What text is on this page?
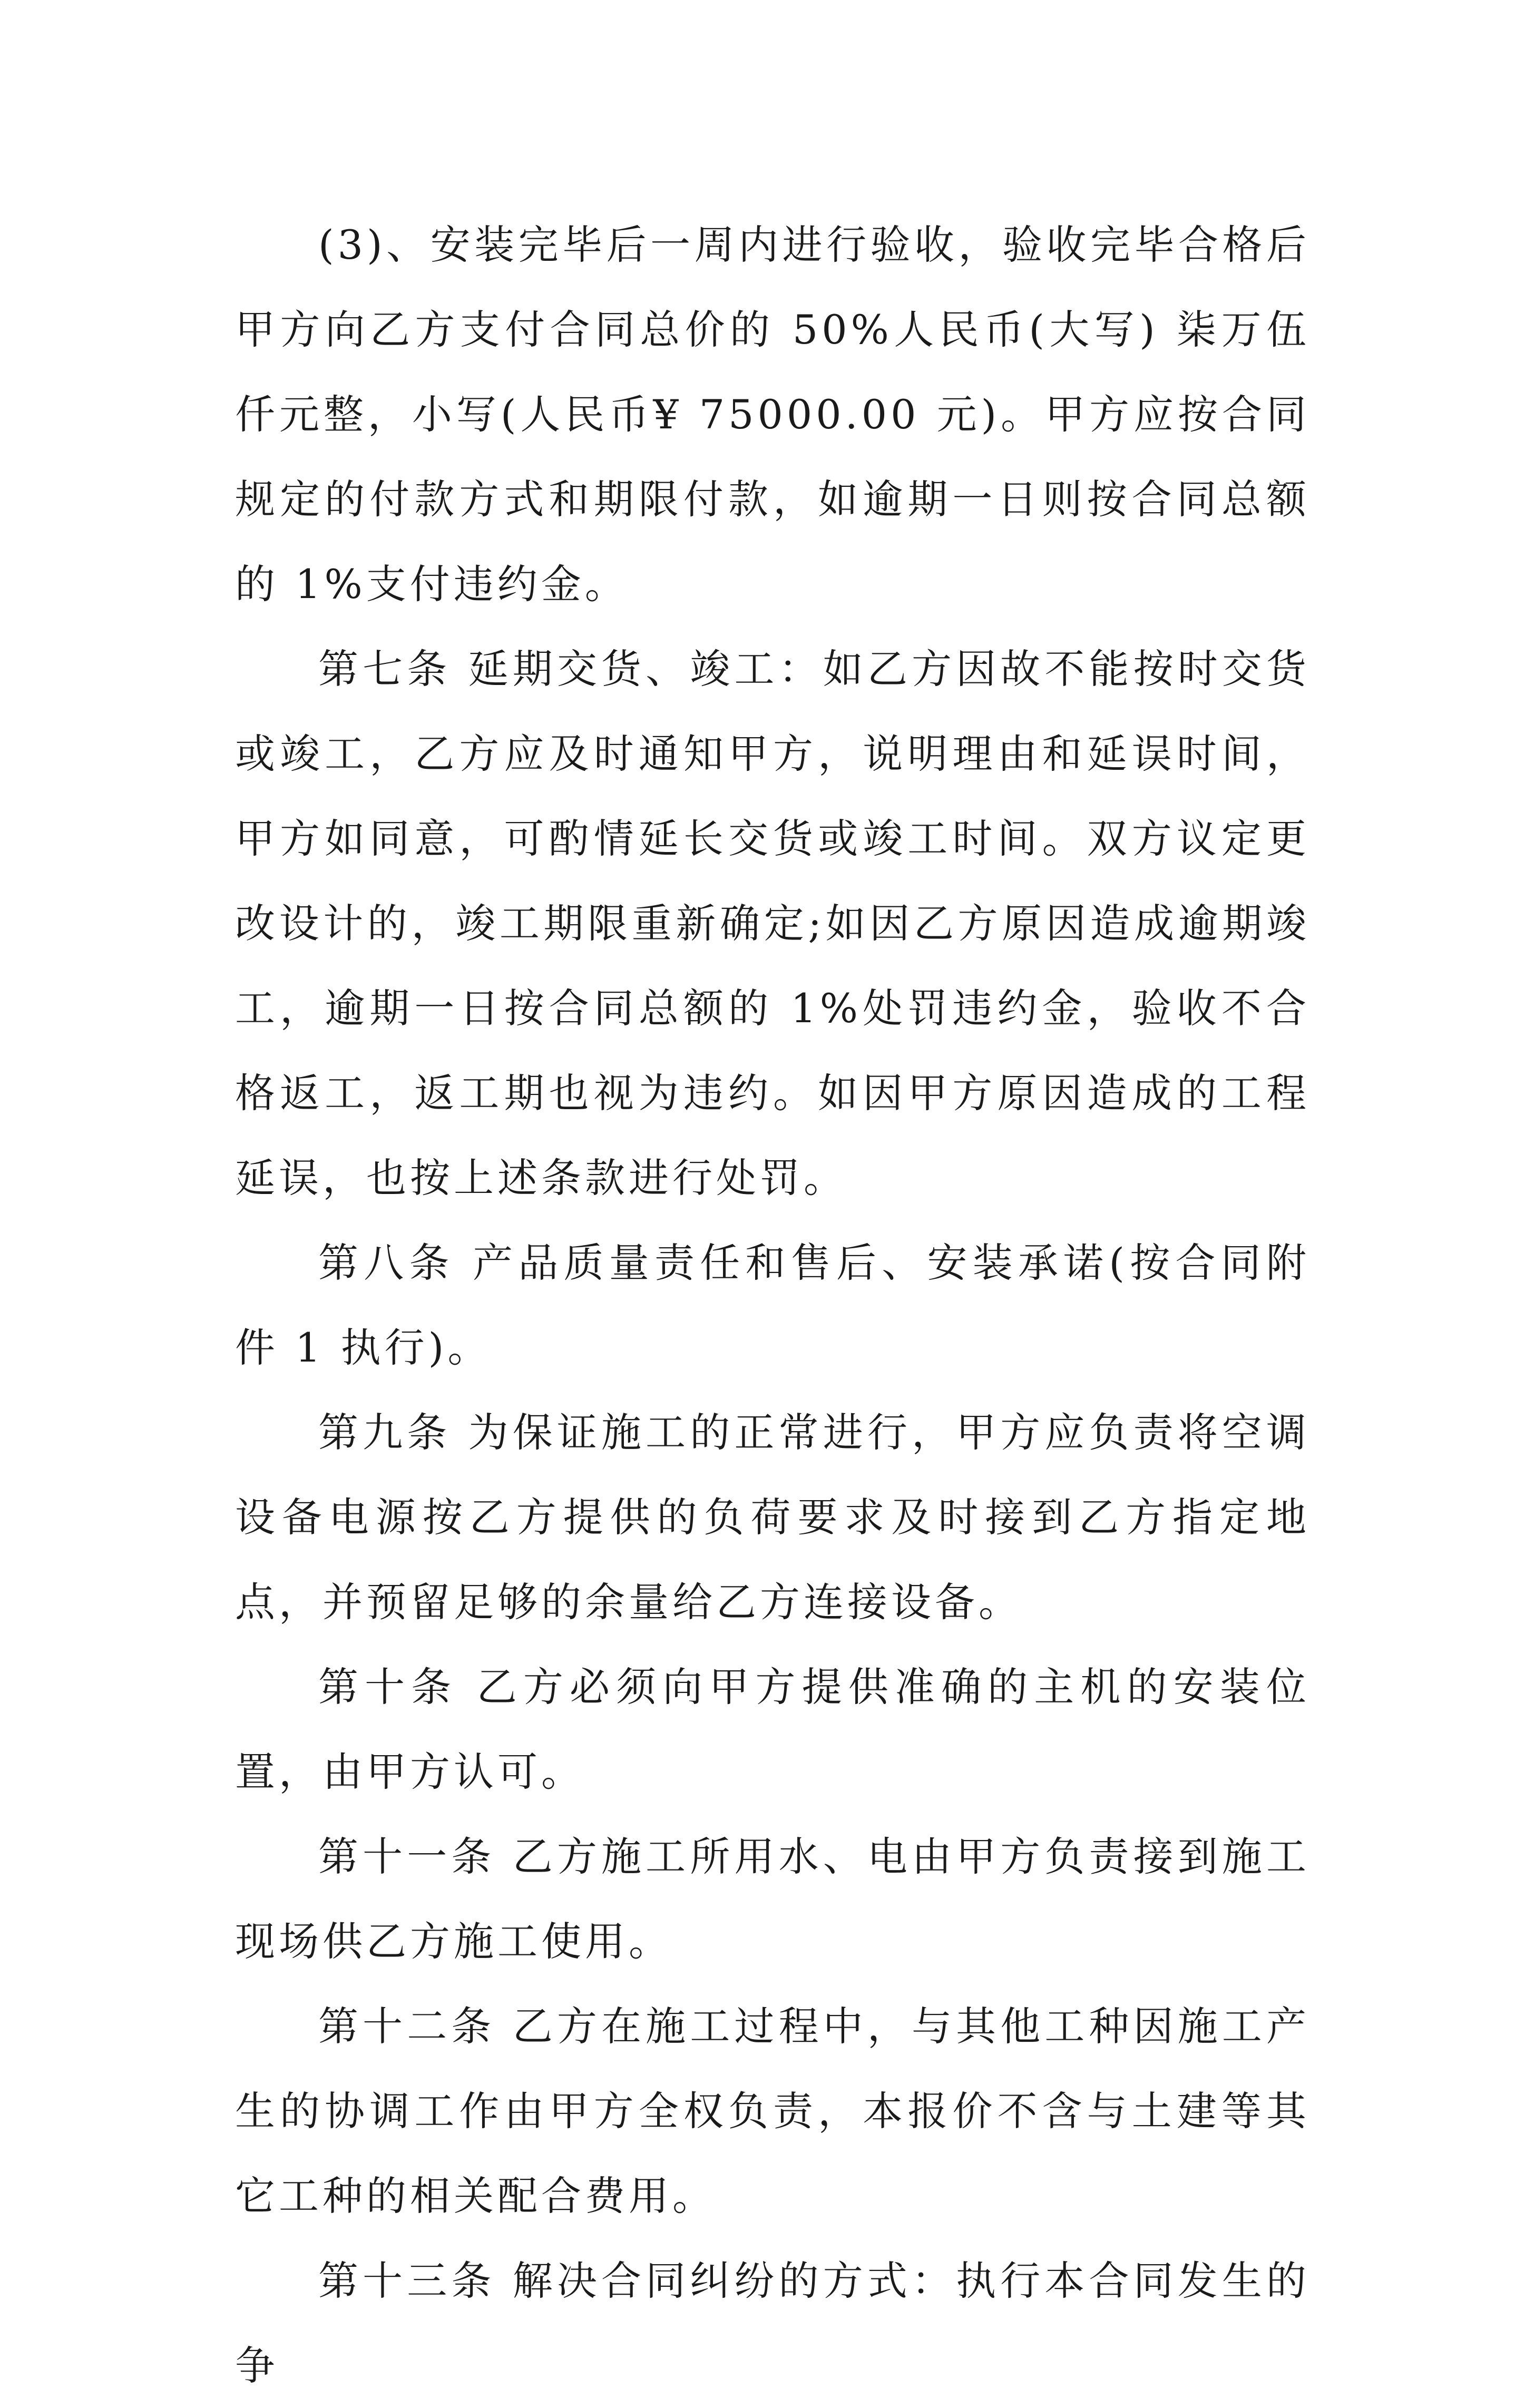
(3)、安装完毕后一周内进行验收，验收完毕合格后甲方向乙方支付合同总价的 50%人民币(大写) 柒万伍仟元整，小写(人民币¥ 75000.00 元)。甲方应按合同规定的付款方式和期限付款，如逾期一日则按合同总额的 1%支付违约金。

第七条 延期交货、竣工：如乙方因故不能按时交货或竣工，乙方应及时通知甲方，说明理由和延误时间，甲方如同意，可酌情延长交货或竣工时间。双方议定更改设计的，竣工期限重新确定;如因乙方原因造成逾期竣工，逾期一日按合同总额的 1%处罚违约金，验收不合格返工，返工期也视为违约。如因甲方原因造成的工程延误，也按上述条款进行处罚。

第八条 产品质量责任和售后、安装承诺(按合同附件 1 执行)。

第九条 为保证施工的正常进行，甲方应负责将空调设备电源按乙方提供的负荷要求及时接到乙方指定地点，并预留足够的余量给乙方连接设备。

第十条 乙方必须向甲方提供准确的主机的安装位置，由甲方认可。

第十一条 乙方施工所用水、电由甲方负责接到施工现场供乙方施工使用。

第十二条 乙方在施工过程中，与其他工种因施工产生的协调工作由甲方全权负责，本报价不含与土建等其它工种的相关配合费用。

第十三条 解决合同纠纷的方式：执行本合同发生的争
